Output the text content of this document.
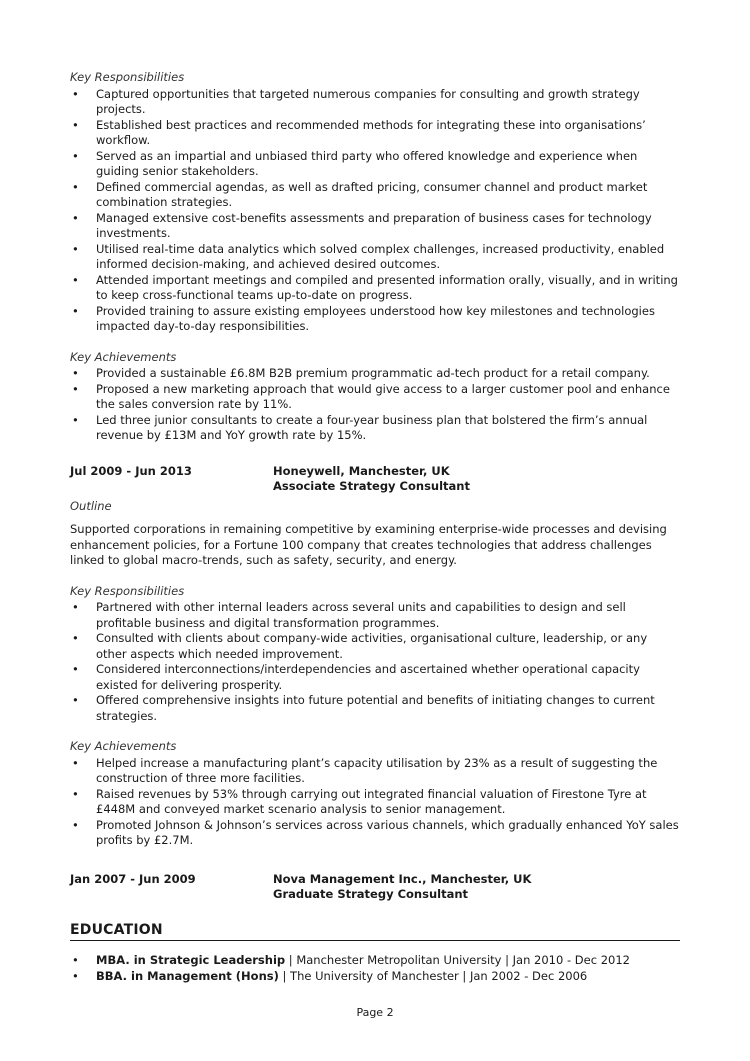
Key Responsibilities
• Captured opportunities that targeted numerous companies for consulting and growth strategy projects.
• Established best practices and recommended methods for integrating these into organisations’ workflow.
• Served as an impartial and unbiased third party who offered knowledge and experience when guiding senior stakeholders.
• Defined commercial agendas, as well as drafted pricing, consumer channel and product market combination strategies.
• Managed extensive cost-benefits assessments and preparation of business cases for technology investments.
• Utilised real-time data analytics which solved complex challenges, increased productivity, enabled informed decision-making, and achieved desired outcomes.
• Attended important meetings and compiled and presented information orally, visually, and in writing to keep cross-functional teams up-to-date on progress.
• Provided training to assure existing employees understood how key milestones and technologies impacted day-to-day responsibilities.
Key Achievements
• Provided a sustainable £6.8M B2B premium programmatic ad-tech product for a retail company.
• Proposed a new marketing approach that would give access to a larger customer pool and enhance the sales conversion rate by 11%.
• Led three junior consultants to create a four-year business plan that bolstered the firm’s annual revenue by £13M and YoY growth rate by 15%.
Jul 2009 - Jun 2013	Honeywell, Manchester, UK
Associate Strategy Consultant
Outline

Supported corporations in remaining competitive by examining enterprise-wide processes and devising enhancement policies, for a Fortune 100 company that creates technologies that address challenges linked to global macro-trends, such as safety, security, and energy.

Key Responsibilities
• Partnered with other internal leaders across several units and capabilities to design and sell profitable business and digital transformation programmes.
• Consulted with clients about company-wide activities, organisational culture, leadership, or any other aspects which needed improvement.
• Considered interconnections/interdependencies and ascertained whether operational capacity existed for delivering prosperity.
• Offered comprehensive insights into future potential and benefits of initiating changes to current strategies.
Key Achievements
• Helped increase a manufacturing plant’s capacity utilisation by 23% as a result of suggesting the construction of three more facilities.
• Raised revenues by 53% through carrying out integrated financial valuation of Firestone Tyre at £448M and conveyed market scenario analysis to senior management.
• Promoted Johnson & Johnson’s services across various channels, which gradually enhanced YoY sales profits by £2.7M.
Jan 2007 - Jun 2009	Nova Management Inc., Manchester, UK
Graduate Strategy Consultant
EDUCATION
• MBA. in Strategic Leadership | Manchester Metropolitan University | Jan 2010 - Dec 2012
• BBA. in Management (Hons) | The University of Manchester | Jan 2002 - Dec 2006
Page 2
